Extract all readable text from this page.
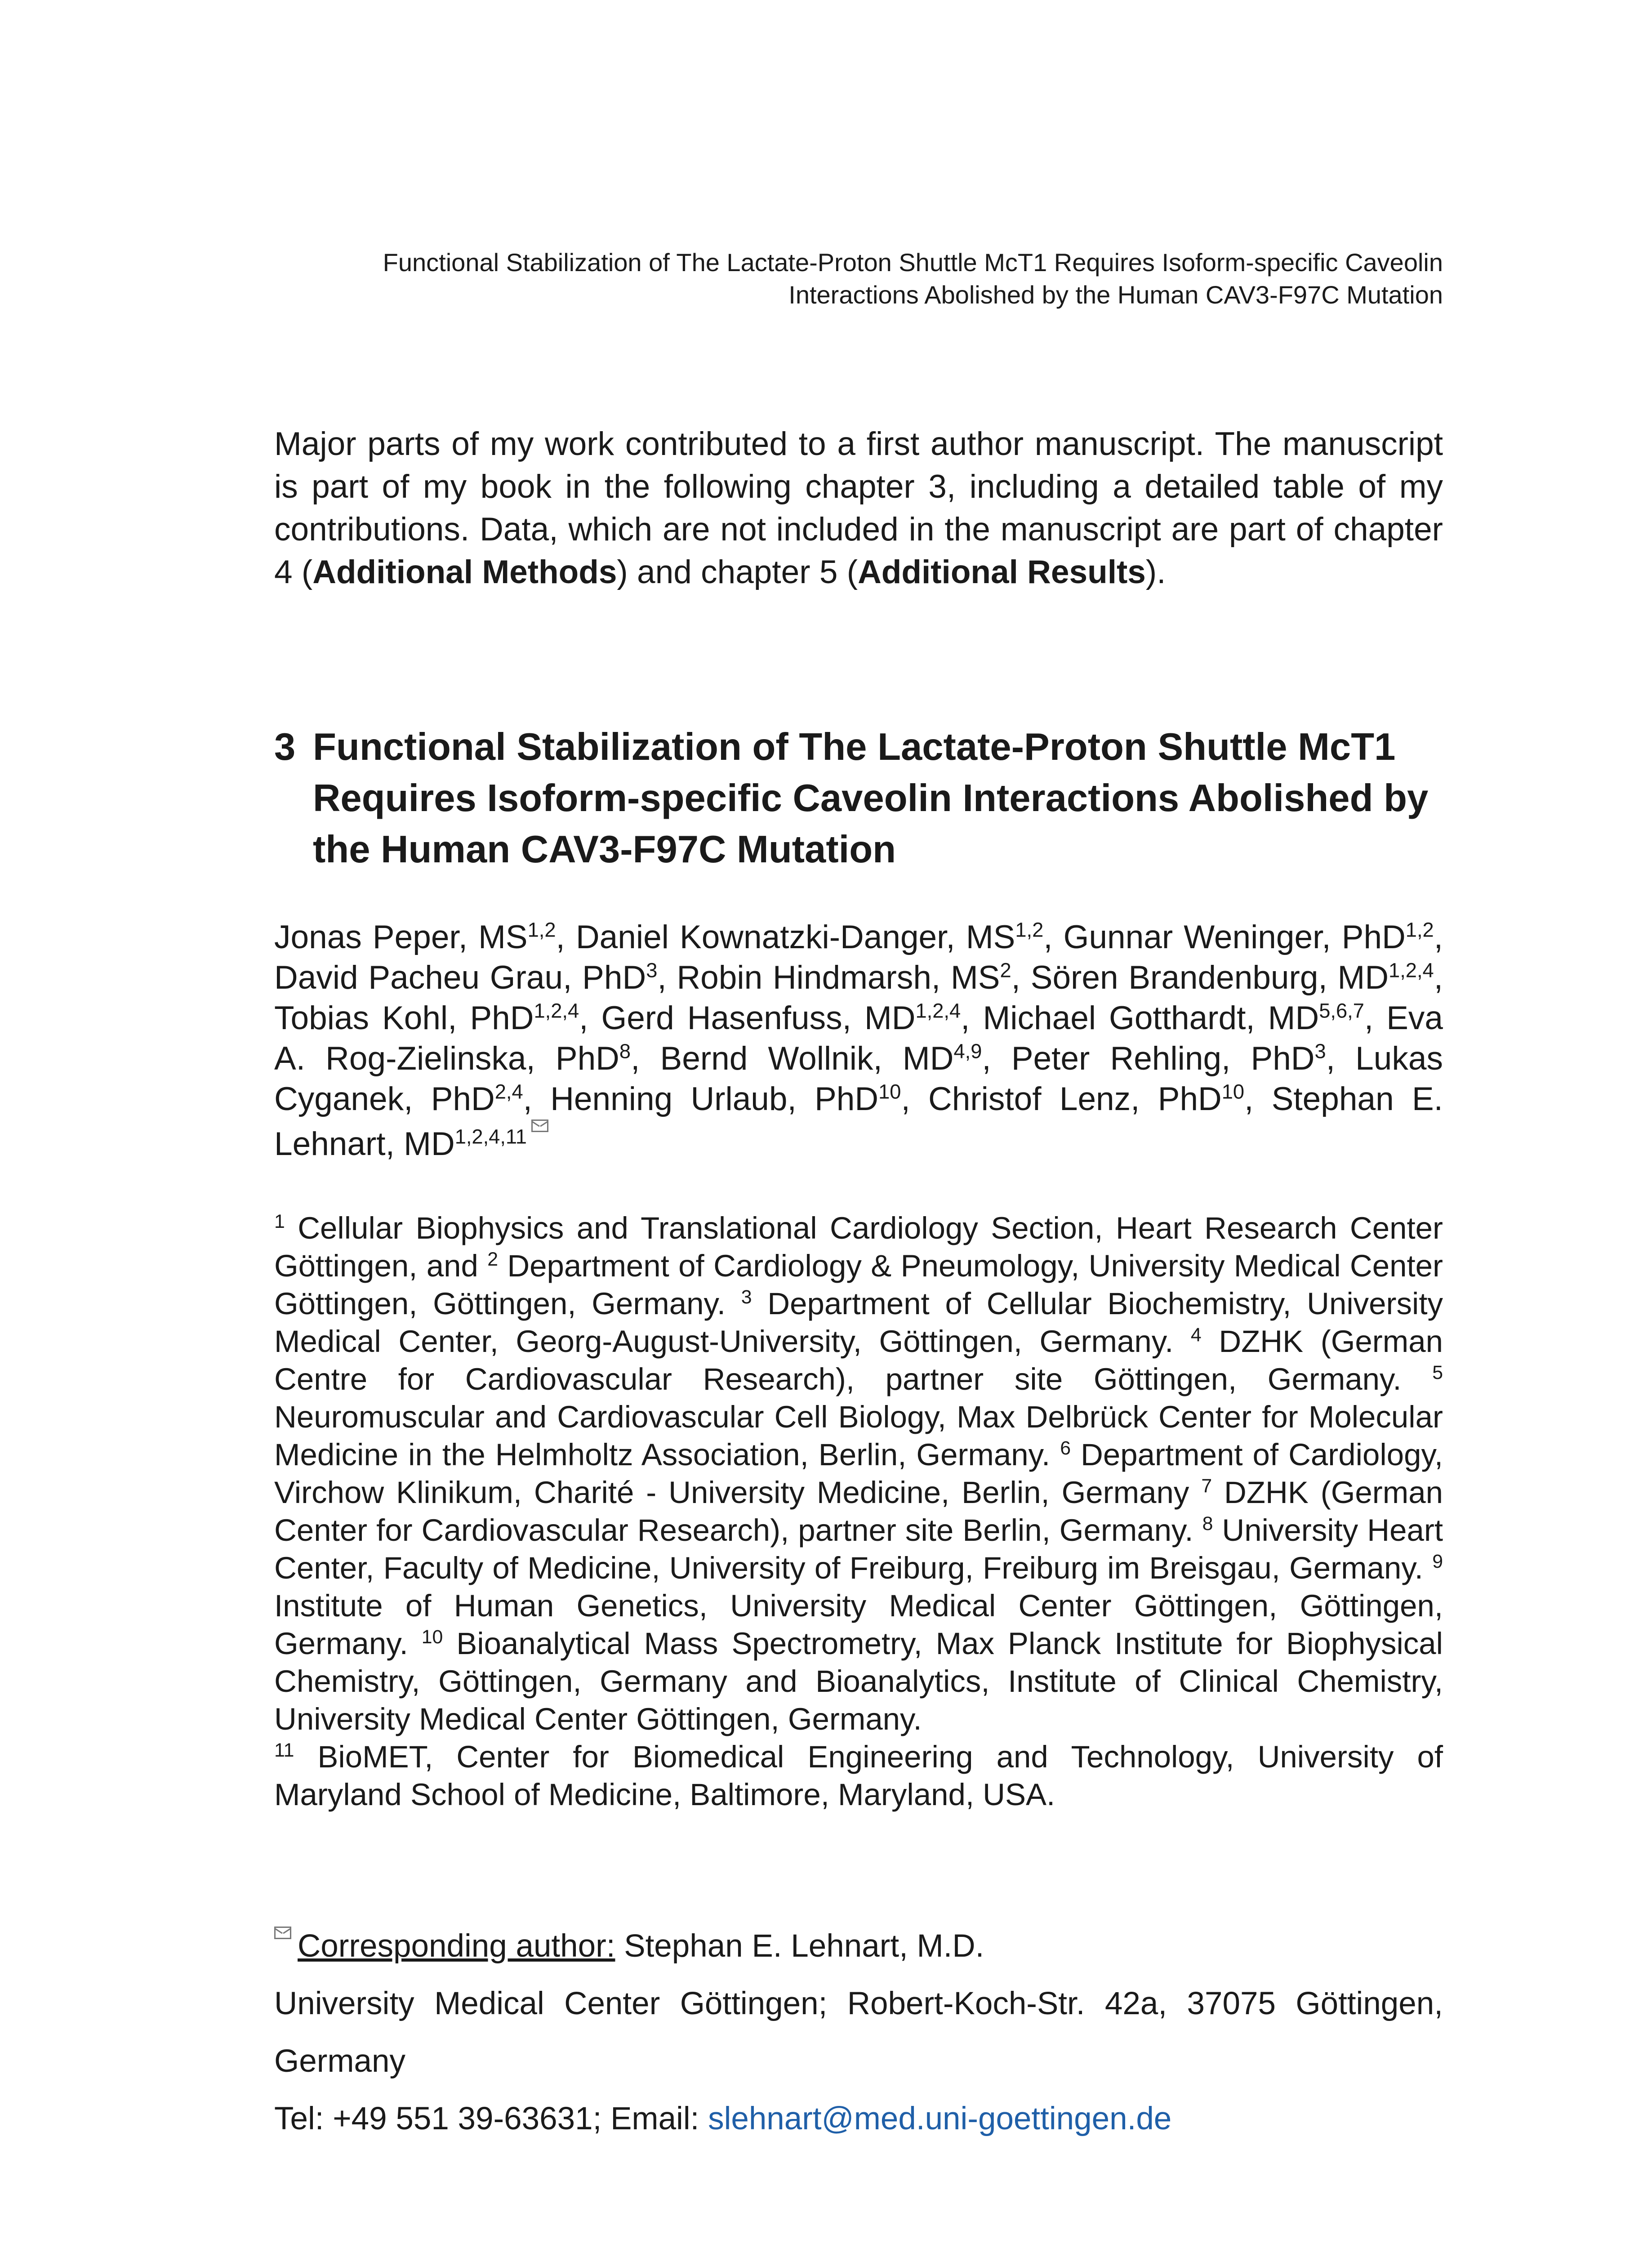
Functional Stabilization of The Lactate-Proton Shuttle McT1 Requires Isoform-specific Caveolin
Interactions Abolished by the Human CAV3-F97C Mutation

Major parts of my work contributed to a first author manuscript. The manuscript is part of my book in the following chapter 3, including a detailed table of my contributions. Data, which are not included in the manuscript are part of chapter 4 (Additional Methods) and chapter 5 (Additional Results).

3 Functional Stabilization of The Lactate-Proton Shuttle McT1 Requires Isoform-specific Caveolin Interactions Abolished by the Human CAV3-F97C Mutation

Jonas Peper, MS$^{1,2}$, Daniel Kownatzki-Danger, MS$^{1,2}$, Gunnar Weninger, PhD$^{1,2}$, David Pacheu Grau, PhD$^3$, Robin Hindmarsh, $MS^2$, Sören Brandenburg, MD$^{1,2,4}$, Tobias Kohl, PhD$^{1,2,4}$, Gerd Hasenfuss, MD$^{1,2,4}$, Michael Gotthardt, MD$^{5,6,7}$, Eva A. Rog-Zielinska, PhD$^8$, Bernd Wollnik, MD$^{4,9}$, Peter Rehling, PhD$^3$, Lukas Cyganek, PhD$^{2,4}$, Henning Urlaub, PhD$^{10}$, Christof Lenz, PhD$^{10}$, Stephan E. Lehnart, MD$^{1,2,4,11}$

$^1$ Cellular Biophysics and Translational Cardiology Section, Heart Research Center Göttingen, and $^2$ Department of Cardiology & Pneumology, University Medical Center Göttingen, Göttingen, Germany. $^3$ Department of Cellular Biochemistry, University Medical Center, Georg-August-University, Göttingen, Germany. $^4$ DZHK (German Centre for Cardiovascular Research), partner site Göttingen, Germany. $^5$ Neuromuscular and Cardiovascular Cell Biology, Max Delbrück Center for Molecular Medicine in the Helmholtz Association, Berlin, Germany. $^6$ Department of Cardiology, Virchow Klinikum, Charité - University Medicine, Berlin, Germany $^7$ DZHK (German Center for Cardiovascular Research), partner site Berlin, Germany. $^8$ University Heart Center, Faculty of Medicine, University of Freiburg, Freiburg im Breisgau, Germany. $^9$ Institute of Human Genetics, University Medical Center Göttingen, Göttingen, Germany. $^{10}$ Bioanalytical Mass Spectrometry, Max Planck Institute for Biophysical Chemistry, Göttingen, Germany and Bioanalytics, Institute of Clinical Chemistry, University Medical Center Göttingen, Germany.
$^{11}$ BioMET, Center for Biomedical Engineering and Technology, University of Maryland School of Medicine, Baltimore, Maryland, USA.

Corresponding author: Stephan E. Lehnart, M.D.
University Medical Center Göttingen; Robert-Koch-Str. 42a, 37075 Göttingen,
Germany
Tel: +49 551 39-63631; Email: slehnart@med.uni-goettingen.de
